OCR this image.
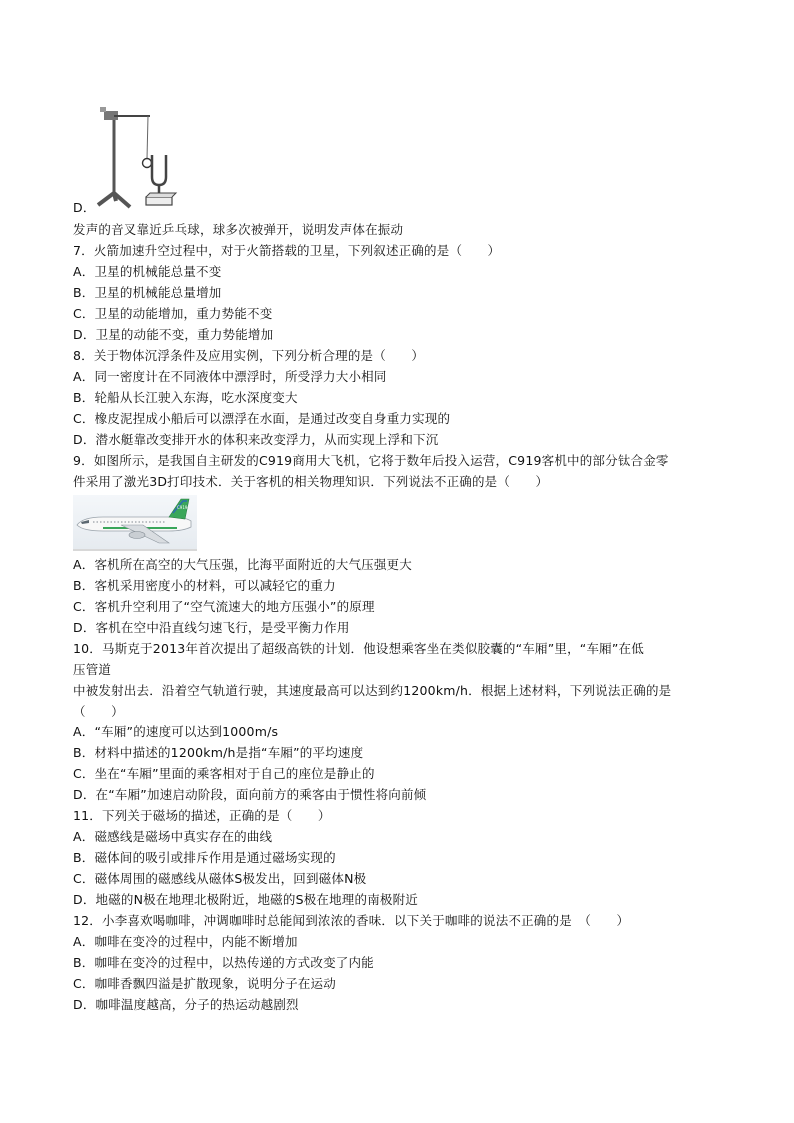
D．
发声的音叉靠近乒乓球，球多次被弹开，说明发声体在振动
7．火箭加速升空过程中，对于火箭搭载的卫星，下列叙述正确的是（　　）
A．卫星的机械能总量不变
B．卫星的机械能总量增加
C．卫星的动能增加，重力势能不变
D．卫星的动能不变，重力势能增加
8．关于物体沉浮条件及应用实例，下列分析合理的是（　　）
A．同一密度计在不同液体中漂浮时，所受浮力大小相同
B．轮船从长江驶入东海，吃水深度变大
C．橡皮泥捏成小船后可以漂浮在水面，是通过改变自身重力实现的
D．潜水艇靠改变排开水的体积来改变浮力，从而实现上浮和下沉
9．如图所示，是我国自主研发的C919商用大飞机，它将于数年后投入运营，C919客机中的部分钛合金零
件采用了激光3D打印技术．关于客机的相关物理知识．下列说法不正确的是（　　）
C919
A．客机所在高空的大气压强，比海平面附近的大气压强更大
B．客机采用密度小的材料，可以减轻它的重力
C．客机升空利用了“空气流速大的地方压强小”的原理
D．客机在空中沿直线匀速飞行，是受平衡力作用
10．马斯克于2013年首次提出了超级高铁的计划．他设想乘客坐在类似胶囊的“车厢”里，“车厢”在低
压管道
中被发射出去．沿着空气轨道行驶，其速度最高可以达到约1200km/h．根据上述材料，下列说法正确的是
（　　）
A．“车厢”的速度可以达到1000m/s
B．材料中描述的1200km/h是指“车厢”的平均速度
C．坐在“车厢”里面的乘客相对于自己的座位是静止的
D．在“车厢”加速启动阶段，面向前方的乘客由于惯性将向前倾
11．下列关于磁场的描述，正确的是（　　）
A．磁感线是磁场中真实存在的曲线
B．磁体间的吸引或排斥作用是通过磁场实现的
C．磁体周围的磁感线从磁体S极发出，回到磁体N极
D．地磁的N极在地理北极附近，地磁的S极在地理的南极附近
12．小李喜欢喝咖啡，冲调咖啡时总能闻到浓浓的香味．以下关于咖啡的说法不正确的是　（　　）
A．咖啡在变冷的过程中，内能不断增加
B．咖啡在变冷的过程中，以热传递的方式改变了内能
C．咖啡香飘四溢是扩散现象，说明分子在运动
D．咖啡温度越高，分子的热运动越剧烈
